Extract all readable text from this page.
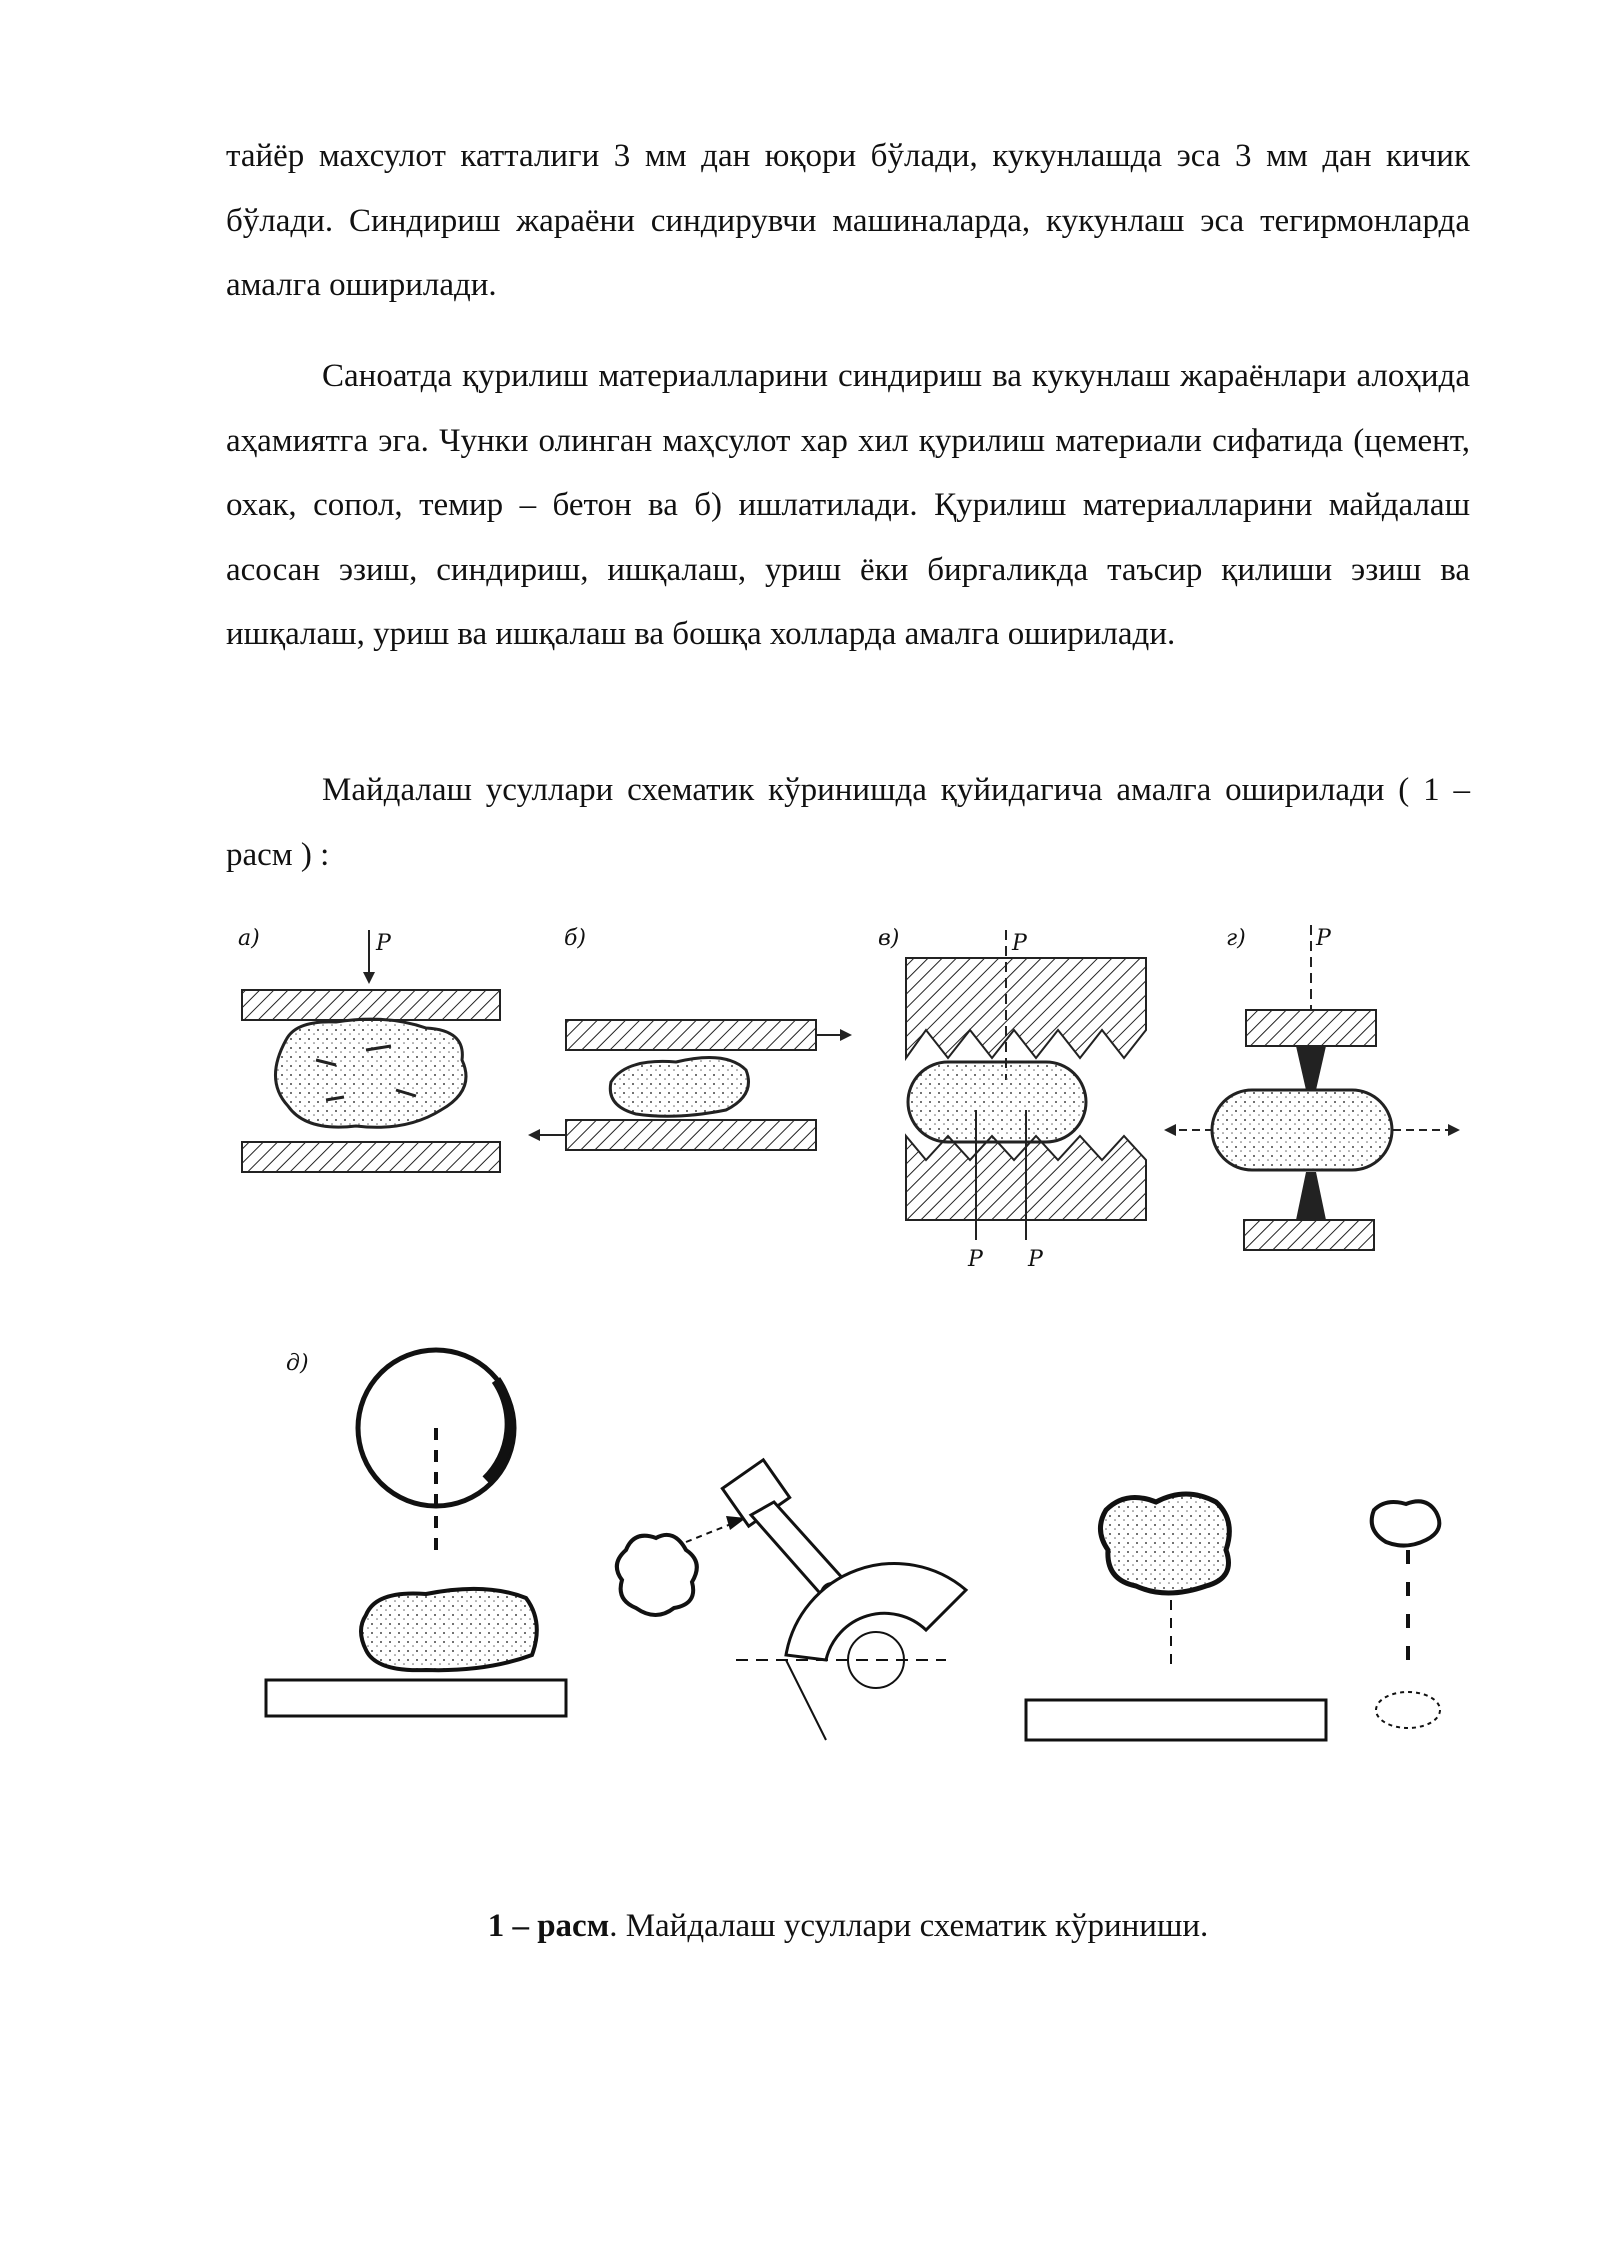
тайёр махсулот катталиги 3 мм дан юқори бўлади, кукунлашда эса 3 мм дан кичик бўлади. Синдириш жараёни синдирувчи машиналарда, кукунлаш эса тегирмонларда амалга оширилади.

Саноатда қурилиш материалларини синдириш ва кукунлаш жараёнлари алоҳида аҳамиятга эга. Чунки олинган маҳсулот хар хил қурилиш материали сифатида (цемент, охак, сопол, темир – бетон ва б) ишлатилади. Қурилиш материалларини майдалаш асосан эзиш, синдириш, ишқалаш, уриш ёки биргаликда таъсир қилиши эзиш ва ишқалаш, уриш ва ишқалаш ва бошқа холларда амалга оширилади.

Майдалаш усуллари схематик кўринишда қуйидагича амалга оширилади ( 1 – расм ) :

а)	P	б)	в)	P
P P
г)	P
д)

1 – расм. Майдалаш усуллари схематик кўриниши.
